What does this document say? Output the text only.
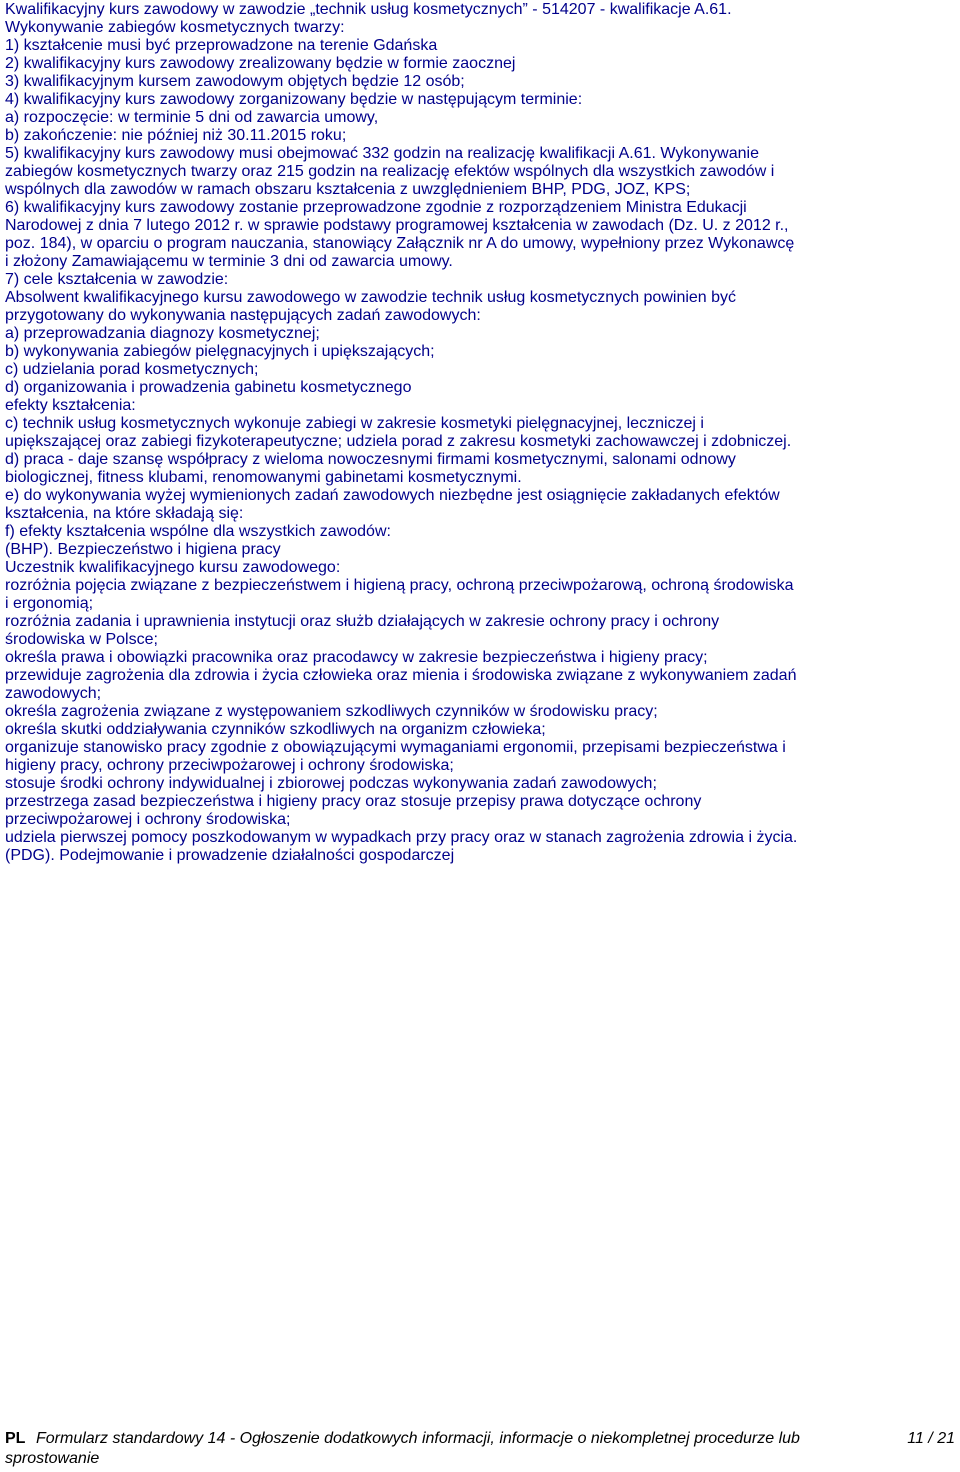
Kwalifikacyjny kurs zawodowy w zawodzie „technik usług kosmetycznych” - 514207 - kwalifikacje A.61.
Wykonywanie zabiegów kosmetycznych twarzy:
1) kształcenie musi być przeprowadzone na terenie Gdańska
2) kwalifikacyjny kurs zawodowy zrealizowany będzie w formie zaocznej
3) kwalifikacyjnym kursem zawodowym objętych będzie 12 osób;
4) kwalifikacyjny kurs zawodowy zorganizowany będzie w następującym terminie:
a) rozpoczęcie: w terminie 5 dni od zawarcia umowy,
b) zakończenie: nie później niż 30.11.2015 roku;
5) kwalifikacyjny kurs zawodowy musi obejmować 332 godzin na realizację kwalifikacji A.61. Wykonywanie
zabiegów kosmetycznych twarzy oraz 215 godzin na realizację efektów wspólnych dla wszystkich zawodów i
wspólnych dla zawodów w ramach obszaru kształcenia z uwzględnieniem BHP, PDG, JOZ, KPS;
6) kwalifikacyjny kurs zawodowy zostanie przeprowadzone zgodnie z rozporządzeniem Ministra Edukacji
Narodowej z dnia 7 lutego 2012 r. w sprawie podstawy programowej kształcenia w zawodach (Dz. U. z 2012 r.,
poz. 184), w oparciu o program nauczania, stanowiący Załącznik nr A do umowy, wypełniony przez Wykonawcę
i złożony Zamawiającemu w terminie 3 dni od zawarcia umowy.
7) cele kształcenia w zawodzie:
Absolwent kwalifikacyjnego kursu zawodowego w zawodzie technik usług kosmetycznych powinien być
przygotowany do wykonywania następujących zadań zawodowych:
a) przeprowadzania diagnozy kosmetycznej;
b) wykonywania zabiegów pielęgnacyjnych i upiększających;
c) udzielania porad kosmetycznych;
d) organizowania i prowadzenia gabinetu kosmetycznego
efekty kształcenia:
c) technik usług kosmetycznych wykonuje zabiegi w zakresie kosmetyki pielęgnacyjnej, leczniczej i
upiększającej oraz zabiegi fizykoterapeutyczne; udziela porad z zakresu kosmetyki zachowawczej i zdobniczej.
d) praca - daje szansę współpracy z wieloma nowoczesnymi firmami kosmetycznymi, salonami odnowy
biologicznej, fitness klubami, renomowanymi gabinetami kosmetycznymi.
e) do wykonywania wyżej wymienionych zadań zawodowych niezbędne jest osiągnięcie zakładanych efektów
kształcenia, na które składają się:
f) efekty kształcenia wspólne dla wszystkich zawodów:
(BHP). Bezpieczeństwo i higiena pracy
Uczestnik kwalifikacyjnego kursu zawodowego:
rozróżnia pojęcia związane z bezpieczeństwem i higieną pracy, ochroną przeciwpożarową, ochroną środowiska
i ergonomią;
rozróżnia zadania i uprawnienia instytucji oraz służb działających w zakresie ochrony pracy i ochrony
środowiska w Polsce;
określa prawa i obowiązki pracownika oraz pracodawcy w zakresie bezpieczeństwa i higieny pracy;
przewiduje zagrożenia dla zdrowia i życia człowieka oraz mienia i środowiska związane z wykonywaniem zadań
zawodowych;
określa zagrożenia związane z występowaniem szkodliwych czynników w środowisku pracy;
określa skutki oddziaływania czynników szkodliwych na organizm człowieka;
organizuje stanowisko pracy zgodnie z obowiązującymi wymaganiami ergonomii, przepisami bezpieczeństwa i
higieny pracy, ochrony przeciwpożarowej i ochrony środowiska;
stosuje środki ochrony indywidualnej i zbiorowej podczas wykonywania zadań zawodowych;
przestrzega zasad bezpieczeństwa i higieny pracy oraz stosuje przepisy prawa dotyczące ochrony
przeciwpożarowej i ochrony środowiska;
udziela pierwszej pomocy poszkodowanym w wypadkach przy pracy oraz w stanach zagrożenia zdrowia i życia.
(PDG). Podejmowanie i prowadzenie działalności gospodarczej
PL Formularz standardowy 14 - Ogłoszenie dodatkowych informacji, informacje o niekompletnej procedurze lub	11 / 21
sprostowanie
